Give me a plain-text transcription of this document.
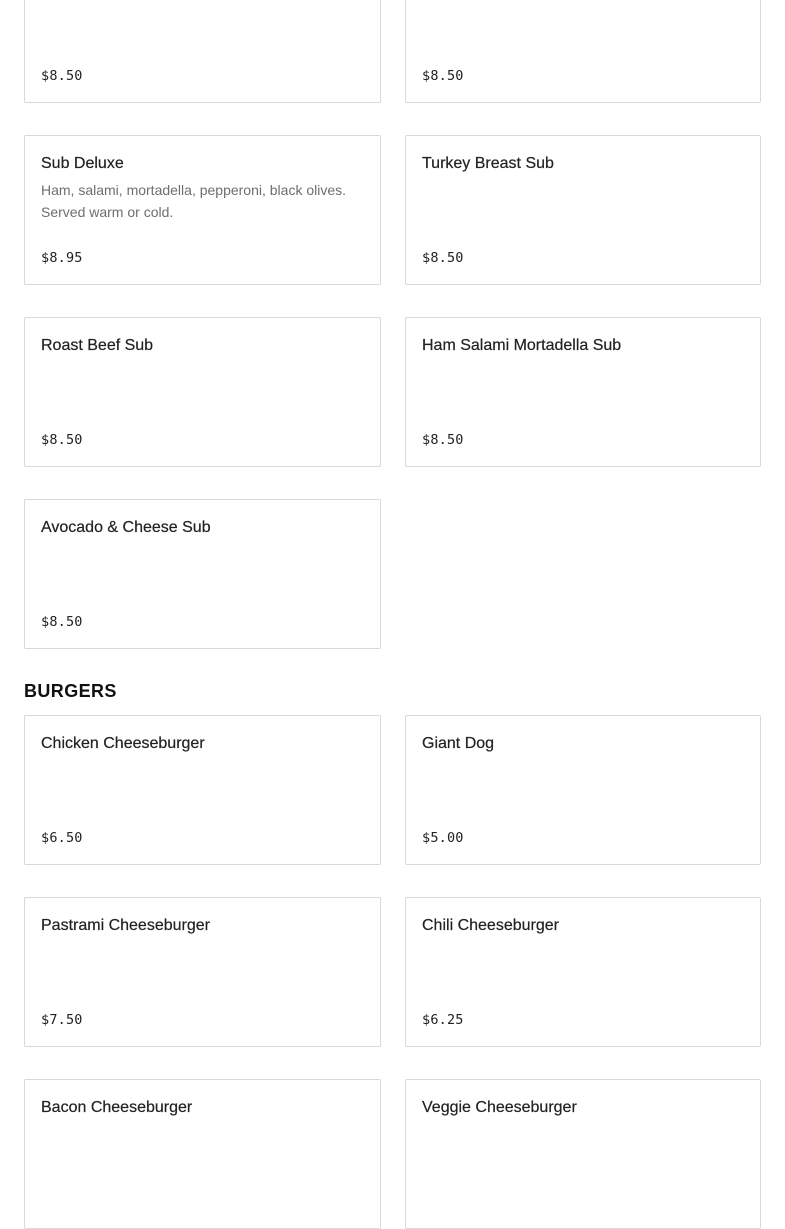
$8.50	$8.50
Sub Deluxe
Ham, salami, mortadella, pepperoni, black olives. Served warm or cold.
$8.95
Turkey Breast Sub
$8.50
Roast Beef Sub
$8.50
Ham Salami Mortadella Sub
$8.50
Avocado & Cheese Sub
$8.50
BURGERS
Chicken Cheeseburger
$6.50
Giant Dog
$5.00
Pastrami Cheeseburger
$7.50
Chili Cheeseburger
$6.25
Bacon Cheeseburger	Veggie Cheeseburger
